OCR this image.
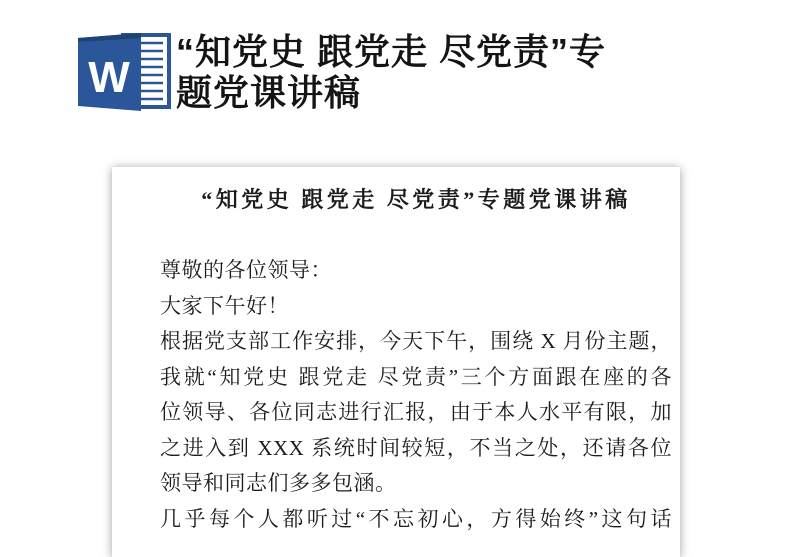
W
“知党史 跟党走 尽党责”专
题党课讲稿
“知党史 跟党走 尽党责”专题党课讲稿
尊敬的各位领导：
大家下午好！
根据党支部工作安排，今天下午，围绕 X 月份主题，
我就“知党史 跟党走 尽党责”三个方面跟在座的各
位领导、各位同志进行汇报，由于本人水平有限，加
之进入到 XXX 系统时间较短，不当之处，还请各位
领导和同志们多多包涵。
几乎每个人都听过“不忘初心，方得始终”这句话
